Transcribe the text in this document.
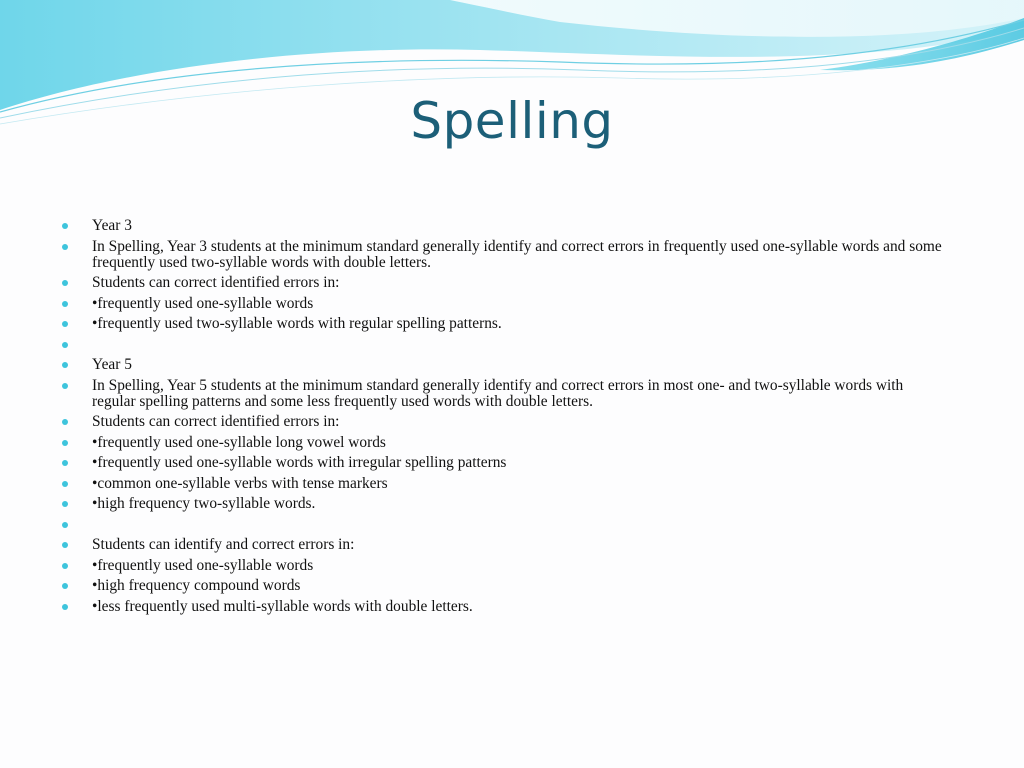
Spelling
Year 3
In Spelling, Year 3 students at the minimum standard generally identify and correct errors in frequently used one-syllable words and some frequently used two-syllable words with double letters.
Students can correct identified errors in:
•frequently used one-syllable words
•frequently used two-syllable words with regular spelling patterns.
Year 5
In Spelling, Year 5 students at the minimum standard generally identify and correct errors in most one- and two-syllable words with regular spelling patterns and some less frequently used words with double letters.
Students can correct identified errors in:
•frequently used one-syllable long vowel words
•frequently used one-syllable words with irregular spelling patterns
•common one-syllable verbs with tense markers
•high frequency two-syllable words.
Students can identify and correct errors in:
•frequently used one-syllable words
•high frequency compound words
•less frequently used multi-syllable words with double letters.
